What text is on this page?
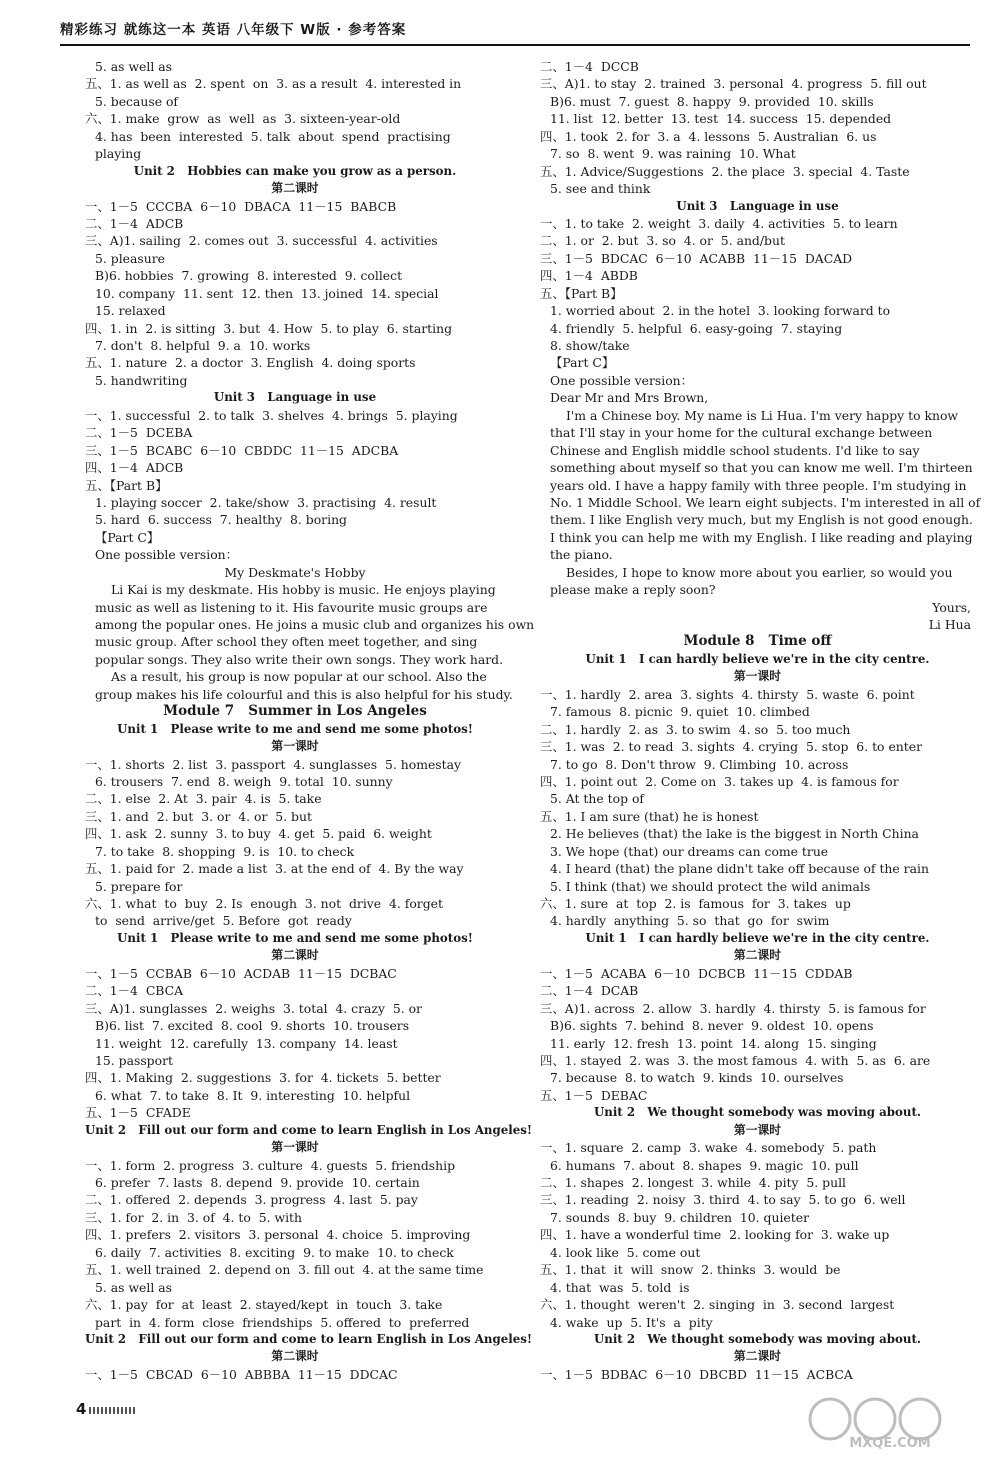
精彩练习 就练这一本 英语 八年级下 W版 · 参考答案
5. as well as
五、1. as well as  2. spent  on  3. as a result  4. interested in
5. because of
六、1. make  grow  as  well  as  3. sixteen-year-old
4. has  been  interested  5. talk  about  spend  practising
playing
Unit 2   Hobbies can make you grow as a person.
第二课时
一、1－5  CCCBA  6－10  DBACA  11－15  BABCB
二、1－4  ADCB
三、A)1. sailing  2. comes out  3. successful  4. activities
5. pleasure
B)6. hobbies  7. growing  8. interested  9. collect
10. company  11. sent  12. then  13. joined  14. special
15. relaxed
四、1. in  2. is sitting  3. but  4. How  5. to play  6. starting
7. don't  8. helpful  9. a  10. works
五、1. nature  2. a doctor  3. English  4. doing sports
5. handwriting
Unit 3   Language in use
一、1. successful  2. to talk  3. shelves  4. brings  5. playing
二、1－5  DCEBA
三、1－5  BCABC  6－10  CBDDC  11－15  ADCBA
四、1－4  ADCB
五、【Part B】
1. playing soccer  2. take/show  3. practising  4. result
5. hard  6. success  7. healthy  8. boring
【Part C】
One possible version：
My Deskmate's Hobby
Li Kai is my deskmate. His hobby is music. He enjoys playing
music as well as listening to it. His favourite music groups are
among the popular ones. He joins a music club and organizes his own
music group. After school they often meet together, and sing
popular songs. They also write their own songs. They work hard.
As a result, his group is now popular at our school. Also the
group makes his life colourful and this is also helpful for his study.
Module 7   Summer in Los Angeles
Unit 1   Please write to me and send me some photos!
第一课时
一、1. shorts  2. list  3. passport  4. sunglasses  5. homestay
6. trousers  7. end  8. weigh  9. total  10. sunny
二、1. else  2. At  3. pair  4. is  5. take
三、1. and  2. but  3. or  4. or  5. but
四、1. ask  2. sunny  3. to buy  4. get  5. paid  6. weight
7. to take  8. shopping  9. is  10. to check
五、1. paid for  2. made a list  3. at the end of  4. By the way
5. prepare for
六、1. what  to  buy  2. Is  enough  3. not  drive  4. forget
to  send  arrive/get  5. Before  got  ready
Unit 1   Please write to me and send me some photos!
第二课时
一、1－5  CCBAB  6－10  ACDAB  11－15  DCBAC
二、1－4  CBCA
三、A)1. sunglasses  2. weighs  3. total  4. crazy  5. or
B)6. list  7. excited  8. cool  9. shorts  10. trousers
11. weight  12. carefully  13. company  14. least
15. passport
四、1. Making  2. suggestions  3. for  4. tickets  5. better
6. what  7. to take  8. It  9. interesting  10. helpful
五、1－5  CFADE
Unit 2   Fill out our form and come to learn English in Los Angeles!
第一课时
一、1. form  2. progress  3. culture  4. guests  5. friendship
6. prefer  7. lasts  8. depend  9. provide  10. certain
二、1. offered  2. depends  3. progress  4. last  5. pay
三、1. for  2. in  3. of  4. to  5. with
四、1. prefers  2. visitors  3. personal  4. choice  5. improving
6. daily  7. activities  8. exciting  9. to make  10. to check
五、1. well trained  2. depend on  3. fill out  4. at the same time
5. as well as
六、1. pay  for  at  least  2. stayed/kept  in  touch  3. take
part  in  4. form  close  friendships  5. offered  to  preferred
Unit 2   Fill out our form and come to learn English in Los Angeles!
第二课时
一、1－5  CBCAD  6－10  ABBBA  11－15  DDCAC
二、1－4  DCCB
三、A)1. to stay  2. trained  3. personal  4. progress  5. fill out
B)6. must  7. guest  8. happy  9. provided  10. skills
11. list  12. better  13. test  14. success  15. depended
四、1. took  2. for  3. a  4. lessons  5. Australian  6. us
7. so  8. went  9. was raining  10. What
五、1. Advice/Suggestions  2. the place  3. special  4. Taste
5. see and think
Unit 3   Language in use
一、1. to take  2. weight  3. daily  4. activities  5. to learn
二、1. or  2. but  3. so  4. or  5. and/but
三、1－5  BDCAC  6－10  ACABB  11－15  DACAD
四、1－4  ABDB
五、【Part B】
1. worried about  2. in the hotel  3. looking forward to
4. friendly  5. helpful  6. easy-going  7. staying
8. show/take
【Part C】
One possible version：
Dear Mr and Mrs Brown,
I'm a Chinese boy. My name is Li Hua. I'm very happy to know
that I'll stay in your home for the cultural exchange between
Chinese and English middle school students. I'd like to say
something about myself so that you can know me well. I'm thirteen
years old. I have a happy family with three people. I'm studying in
No. 1 Middle School. We learn eight subjects. I'm interested in all of
them. I like English very much, but my English is not good enough.
I think you can help me with my English. I like reading and playing
the piano.
Besides, I hope to know more about you earlier, so would you
please make a reply soon?
Yours,
Li Hua
Module 8   Time off
Unit 1   I can hardly believe we're in the city centre.
第一课时
一、1. hardly  2. area  3. sights  4. thirsty  5. waste  6. point
7. famous  8. picnic  9. quiet  10. climbed
二、1. hardly  2. as  3. to swim  4. so  5. too much
三、1. was  2. to read  3. sights  4. crying  5. stop  6. to enter
7. to go  8. Don't throw  9. Climbing  10. across
四、1. point out  2. Come on  3. takes up  4. is famous for
5. At the top of
五、1. I am sure (that) he is honest
2. He believes (that) the lake is the biggest in North China
3. We hope (that) our dreams can come true
4. I heard (that) the plane didn't take off because of the rain
5. I think (that) we should protect the wild animals
六、1. sure  at  top  2. is  famous  for  3. takes  up
4. hardly  anything  5. so  that  go  for  swim
Unit 1   I can hardly believe we're in the city centre.
第二课时
一、1－5  ACABA  6－10  DCBCB  11－15  CDDAB
二、1－4  DCAB
三、A)1. across  2. allow  3. hardly  4. thirsty  5. is famous for
B)6. sights  7. behind  8. never  9. oldest  10. opens
11. early  12. fresh  13. point  14. along  15. singing
四、1. stayed  2. was  3. the most famous  4. with  5. as  6. are
7. because  8. to watch  9. kinds  10. ourselves
五、1－5  DEBAC
Unit 2   We thought somebody was moving about.
第一课时
一、1. square  2. camp  3. wake  4. somebody  5. path
6. humans  7. about  8. shapes  9. magic  10. pull
二、1. shapes  2. longest  3. while  4. pity  5. pull
三、1. reading  2. noisy  3. third  4. to say  5. to go  6. well
7. sounds  8. buy  9. children  10. quieter
四、1. have a wonderful time  2. looking for  3. wake up
4. look like  5. come out
五、1. that  it  will  snow  2. thinks  3. would  be
4. that  was  5. told  is
六、1. thought  weren't  2. singing  in  3. second  largest
4. wake  up  5. It's  a  pity
Unit 2   We thought somebody was moving about.
第二课时
一、1－5  BDBAC  6－10  DBCBD  11－15  ACBCA
4
MXQE.COM
